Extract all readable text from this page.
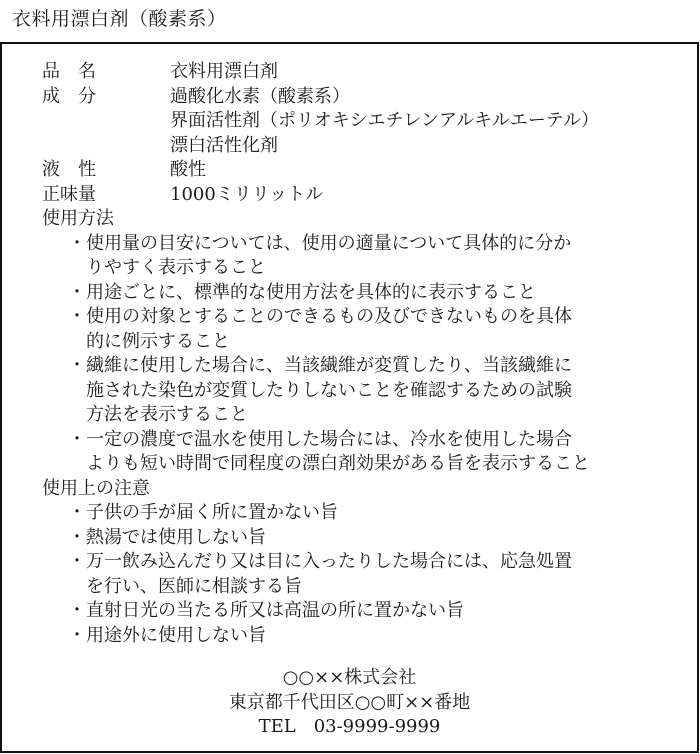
衣料用漂白剤（酸素系）
品　名	衣料用漂白剤
成　分	過酸化水素（酸素系）
界面活性剤（ポリオキシエチレンアルキルエーテル）
漂白活性化剤
液　性	酸性
正味量	1000ミリリットル
使用方法
・ 使用量の目安については、使用の適量について具体的に分か
りやすく表示すること
・ 用途ごとに、標準的な使用方法を具体的に表示すること
・ 使用の対象とすることのできるもの及びできないものを具体
的に例示すること
・ 繊維に使用した場合に、当該繊維が変質したり、当該繊維に
施された染色が変質したりしないことを確認するための試験
方法を表示すること
・ 一定の濃度で温水を使用した場合には、冷水を使用した場合
よりも短い時間で同程度の漂白剤効果がある旨を表示すること
使用上の注意
・ 子供の手が届く所に置かない旨
・ 熱湯では使用しない旨
・ 万一飲み込んだり又は目に入ったりした場合には、応急処置
を行い、医師に相談する旨
・ 直射日光の当たる所又は高温の所に置かない旨
・ 用途外に使用しない旨
○○××株式会社
東京都千代田区○○町××番地
TEL　03-9999-9999
